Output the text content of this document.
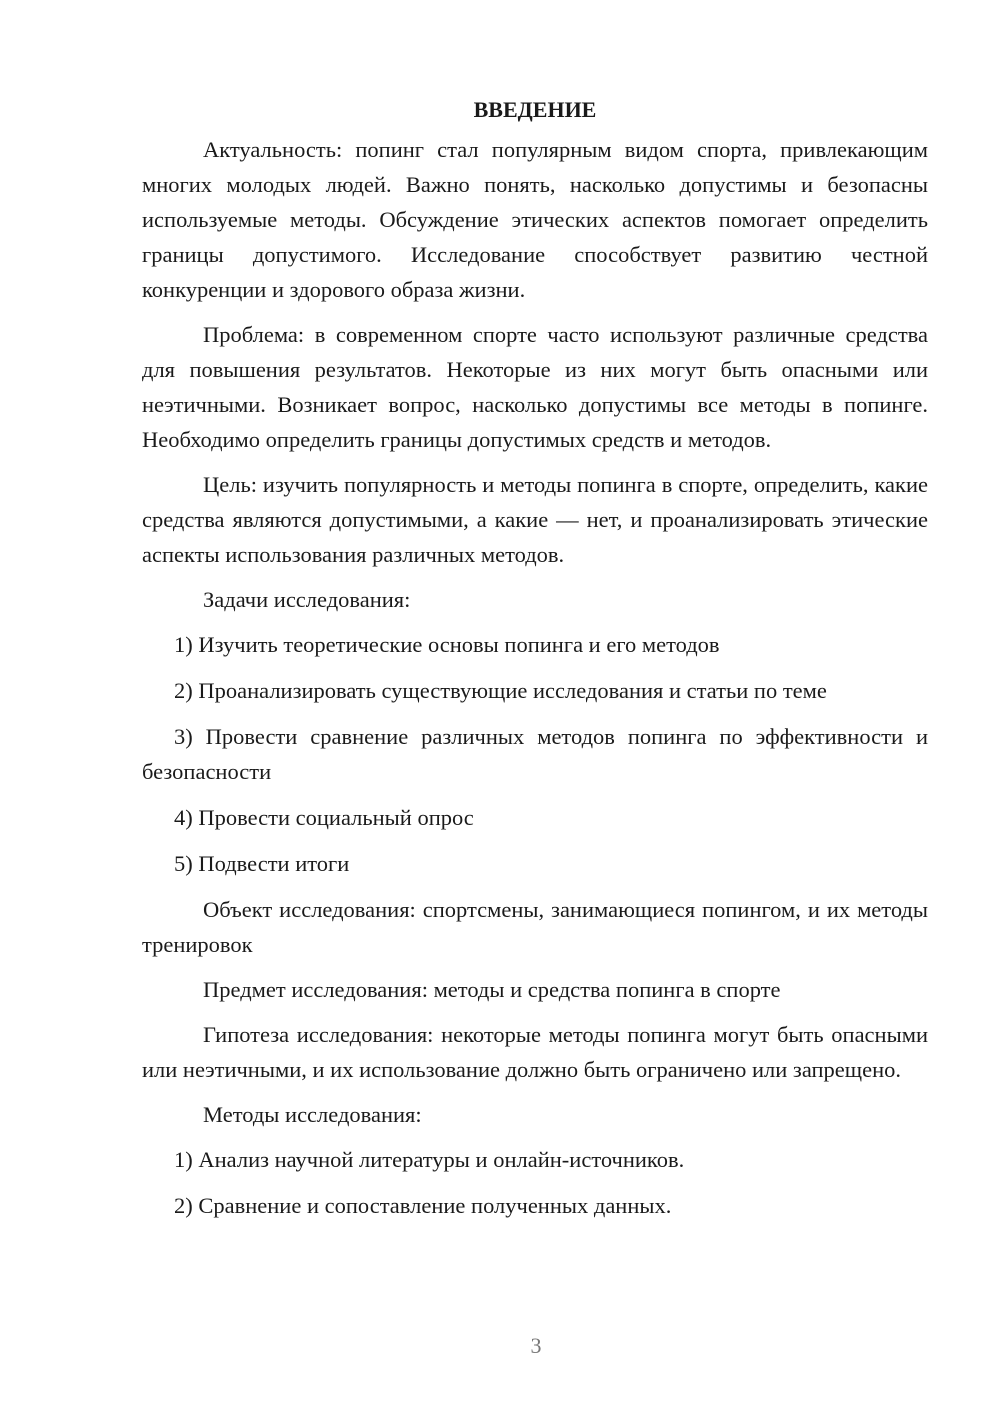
ВВЕДЕНИЕ

Актуальность: попинг стал популярным видом спорта, привлекающим многих молодых людей. Важно понять, насколько допустимы и безопасны используемые методы. Обсуждение этических аспектов помогает определить границы допустимого. Исследование способствует развитию честной конкуренции и здорового образа жизни.

Проблема: в современном спорте часто используют различные средства для повышения результатов. Некоторые из них могут быть опасными или неэтичными. Возникает вопрос, насколько допустимы все методы в попинге. Необходимо определить границы допустимых средств и методов.

Цель: изучить популярность и методы попинга в спорте, определить, какие средства являются допустимыми, а какие — нет, и проанализировать этические аспекты использования различных методов.

Задачи исследования:

1) Изучить теоретические основы попинга и его методов

2) Проанализировать существующие исследования и статьи по теме

3) Провести сравнение различных методов попинга по эффективности и безопасности

4) Провести социальный опрос

5) Подвести итоги

Объект исследования: спортсмены, занимающиеся попингом, и их методы тренировок

Предмет исследования: методы и средства попинга в спорте

Гипотеза исследования: некоторые методы попинга могут быть опасными или неэтичными, и их использование должно быть ограничено или запрещено.

Методы исследования:

1) Анализ научной литературы и онлайн-источников.

2) Сравнение и сопоставление полученных данных.

3
